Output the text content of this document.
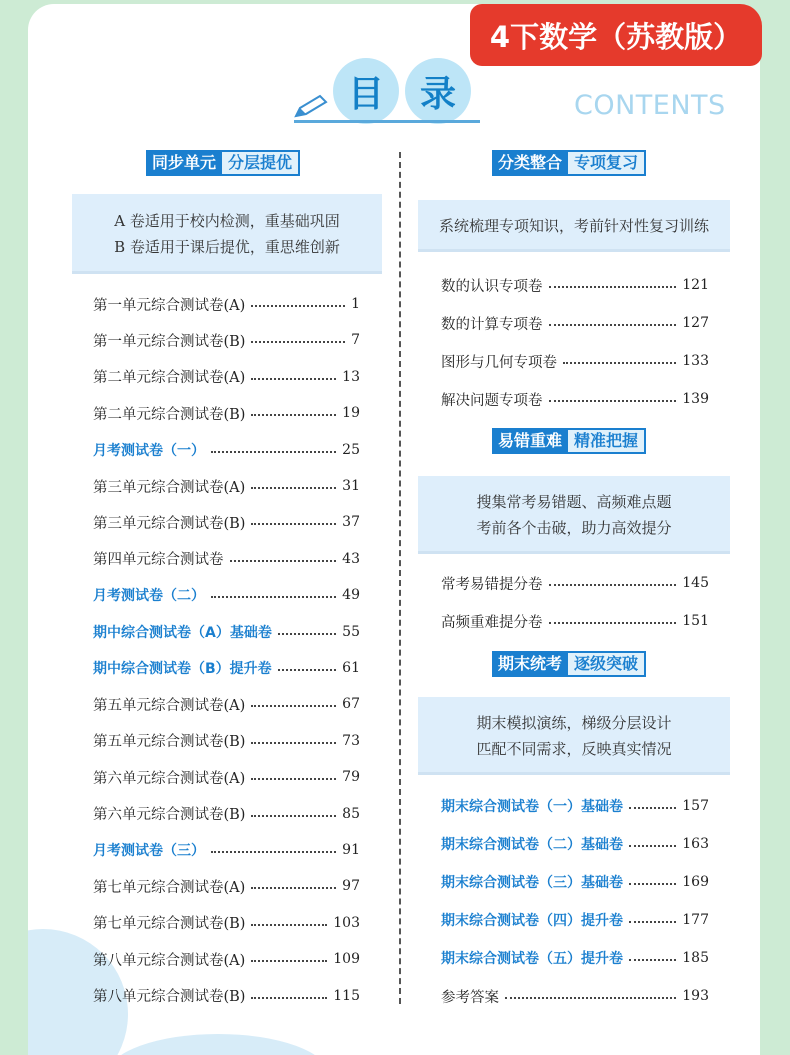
4下数学（苏教版）
目 录	CONTENTS
同步单元 分层提优
A 卷适用于校内检测，重基础巩固
B 卷适用于课后提优，重思维创新
第一单元综合测试卷(A)	1
第一单元综合测试卷(B)	7
第二单元综合测试卷(A)	13
第二单元综合测试卷(B)	19
月考测试卷（一）	25
第三单元综合测试卷(A)	31
第三单元综合测试卷(B)	37
第四单元综合测试卷	43
月考测试卷（二）	49
期中综合测试卷（A）基础卷	55
期中综合测试卷（B）提升卷	61
第五单元综合测试卷(A)	67
第五单元综合测试卷(B)	73
第六单元综合测试卷(A)	79
第六单元综合测试卷(B)	85
月考测试卷（三）	91
第七单元综合测试卷(A)	97
第七单元综合测试卷(B)	103
第八单元综合测试卷(A)	109
第八单元综合测试卷(B)	115
分类整合 专项复习
系统梳理专项知识，考前针对性复习训练
数的认识专项卷	121
数的计算专项卷	127
图形与几何专项卷	133
解决问题专项卷	139
易错重难 精准把握
搜集常考易错题、高频难点题
考前各个击破，助力高效提分
常考易错提分卷	145
高频重难提分卷	151
期末统考 逐级突破
期末模拟演练，梯级分层设计
匹配不同需求，反映真实情况
期末综合测试卷（一）基础卷	157
期末综合测试卷（二）基础卷	163
期末综合测试卷（三）基础卷	169
期末综合测试卷（四）提升卷	177
期末综合测试卷（五）提升卷	185
参考答案	193
